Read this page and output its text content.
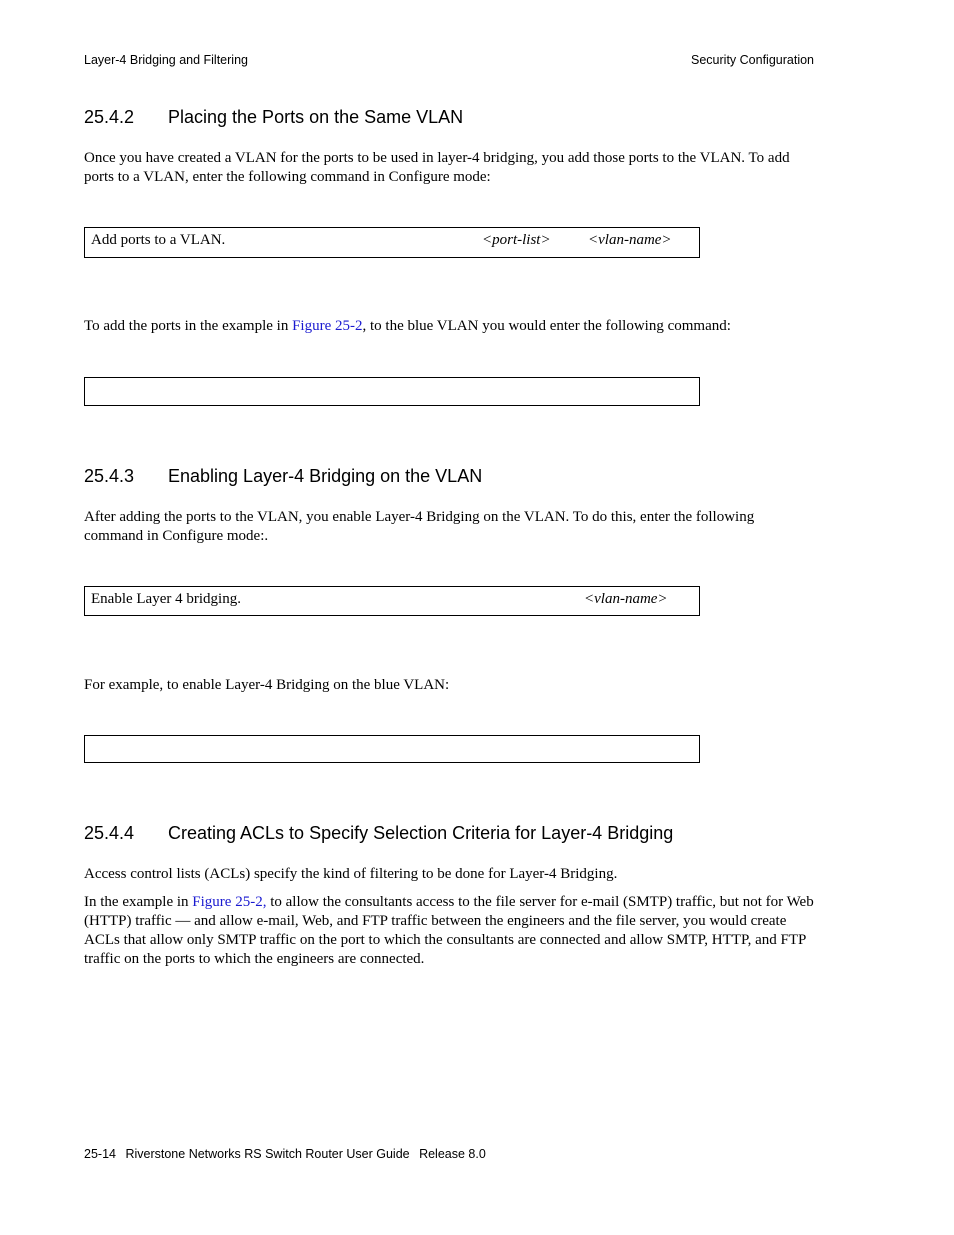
Layer-4 Bridging and Filtering	Security Configuration
25.4.2 Placing the Ports on the Same VLAN
Once you have created a VLAN for the ports to be used in layer-4 bridging, you add those ports to the VLAN. To add ports to a VLAN, enter the following command in Configure mode:
Add ports to a VLAN.	<port-list> <vlan-name>
To add the ports in the example in Figure 25-2, to the blue VLAN you would enter the following command:
25.4.3 Enabling Layer-4 Bridging on the VLAN
After adding the ports to the VLAN, you enable Layer-4 Bridging on the VLAN. To do this, enter the following command in Configure mode:.
Enable Layer 4 bridging.	<vlan-name>
For example, to enable Layer-4 Bridging on the blue VLAN:
25.4.4 Creating ACLs to Specify Selection Criteria for Layer-4 Bridging
Access control lists (ACLs) specify the kind of filtering to be done for Layer-4 Bridging.
In the example in Figure 25-2, to allow the consultants access to the file server for e-mail (SMTP) traffic, but not for Web (HTTP) traffic — and allow e-mail, Web, and FTP traffic between the engineers and the file server, you would create ACLs that allow only SMTP traffic on the port to which the consultants are connected and allow SMTP, HTTP, and FTP traffic on the ports to which the engineers are connected.
25-14 Riverstone Networks RS Switch Router User Guide Release 8.0
